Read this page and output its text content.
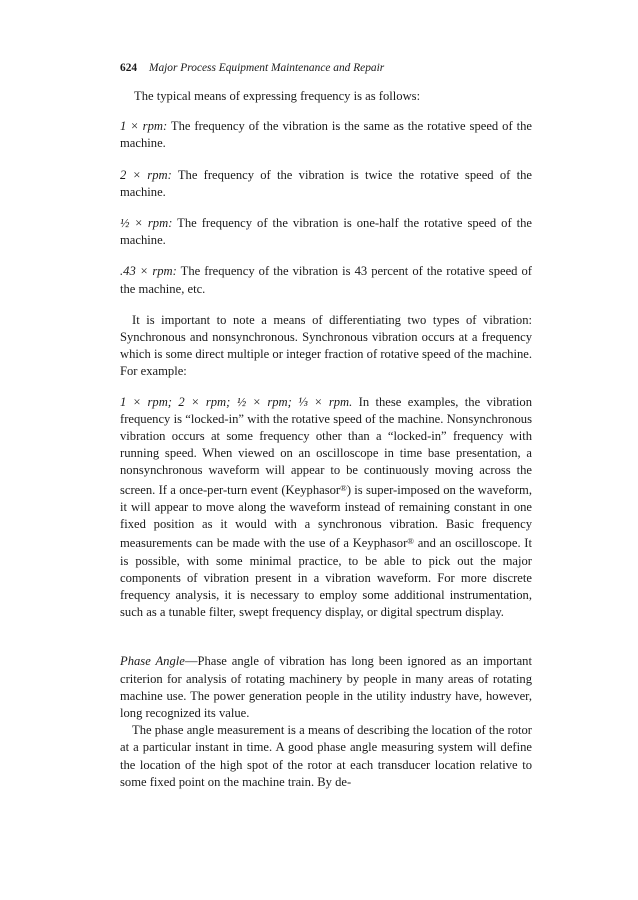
624 Major Process Equipment Maintenance and Repair

The typical means of expressing frequency is as follows:

1 × rpm: The frequency of the vibration is the same as the rotative speed of the machine.

2 × rpm: The frequency of the vibration is twice the rotative speed of the machine.

½ × rpm: The frequency of the vibration is one-half the rotative speed of the machine.

.43 × rpm: The frequency of the vibration is 43 percent of the rotative speed of the machine, etc.

It is important to note a means of differentiating two types of vibration: Synchronous and nonsynchronous. Synchronous vibration occurs at a frequency which is some direct multiple or integer fraction of rotative speed of the machine. For example:

1 × rpm; 2 × rpm; ½ × rpm; ⅓ × rpm. In these examples, the vibration frequency is “locked-in” with the rotative speed of the machine. Nonsynchronous vibration occurs at some frequency other than a “locked-in” frequency with running speed. When viewed on an oscilloscope in time base presentation, a nonsynchronous waveform will appear to be continuously moving across the screen. If a once-per-turn event (Keyphasor®) is super-imposed on the waveform, it will appear to move along the waveform instead of remaining constant in one fixed position as it would with a synchronous vibration. Basic frequency measurements can be made with the use of a Keyphasor® and an oscilloscope. It is possible, with some minimal practice, to be able to pick out the major components of vibration present in a vibration waveform. For more discrete frequency analysis, it is necessary to employ some additional instrumentation, such as a tunable filter, swept frequency display, or digital spectrum display.

Phase Angle—Phase angle of vibration has long been ignored as an important criterion for analysis of rotating machinery by people in many areas of rotating machine use. The power generation people in the utility industry have, however, long recognized its value.

The phase angle measurement is a means of describing the location of the rotor at a particular instant in time. A good phase angle measuring system will define the location of the high spot of the rotor at each transducer location relative to some fixed point on the machine train. By de-
